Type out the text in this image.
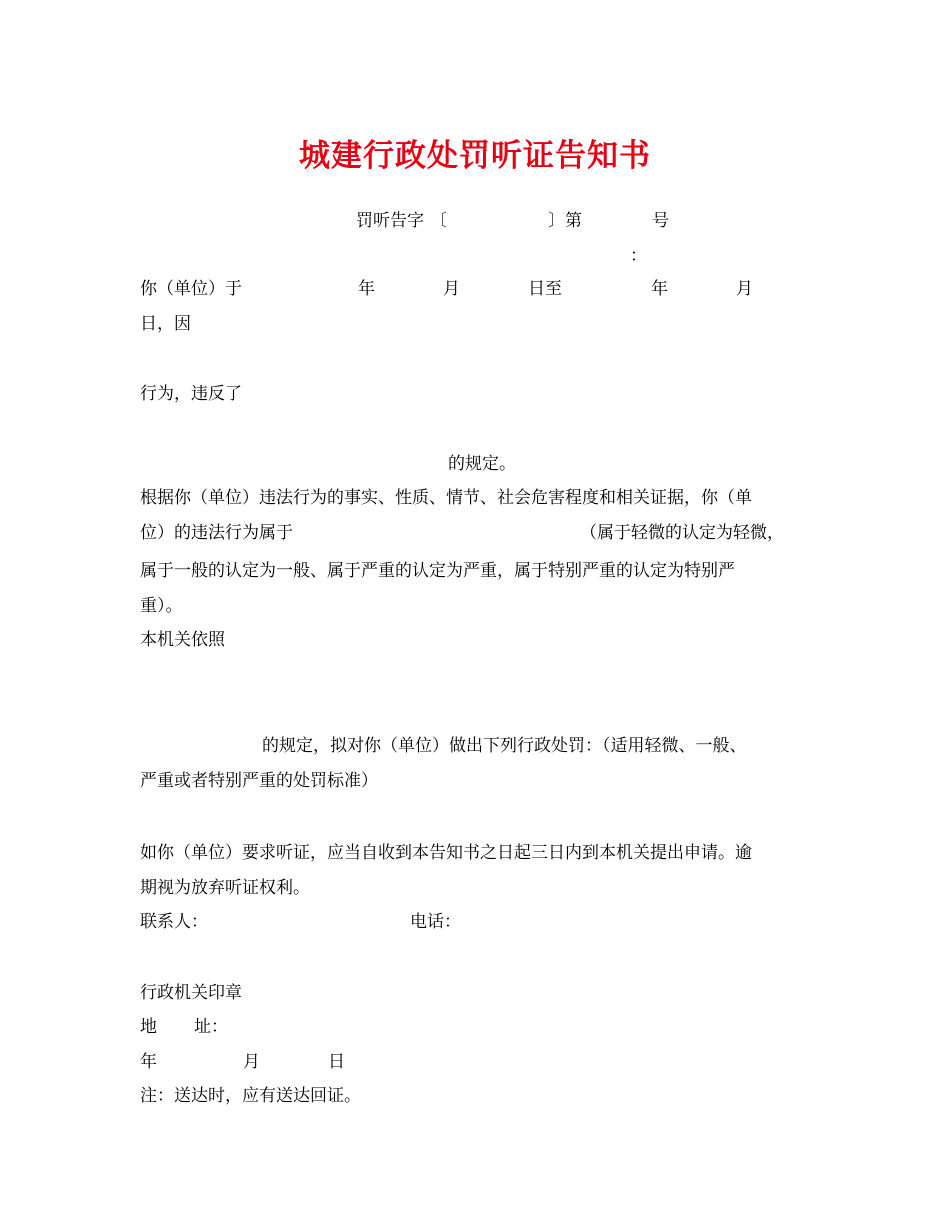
城建行政处罚听证告知书
罚听告字 〔	〕第	号
：
你（单位）于	年	月	日至	年	月
日，因
行为，违反了
的规定。
根据你（单位）违法行为的事实、性质、情节、社会危害程度和相关证据，你（单
位）的违法行为属于	（属于轻微的认定为轻微，
属于一般的认定为一般、属于严重的认定为严重，属于特别严重的认定为特别严
重）。
本机关依照
的规定，拟对你（单位）做出下列行政处罚：（适用轻微、一般、
严重或者特别严重的处罚标准）
如你（单位）要求听证，应当自收到本告知书之日起三日内到本机关提出申请。逾
期视为放弃听证权利。
联系人：	电话：
行政机关印章
地 址：
年	月	日
注：送达时，应有送达回证。
